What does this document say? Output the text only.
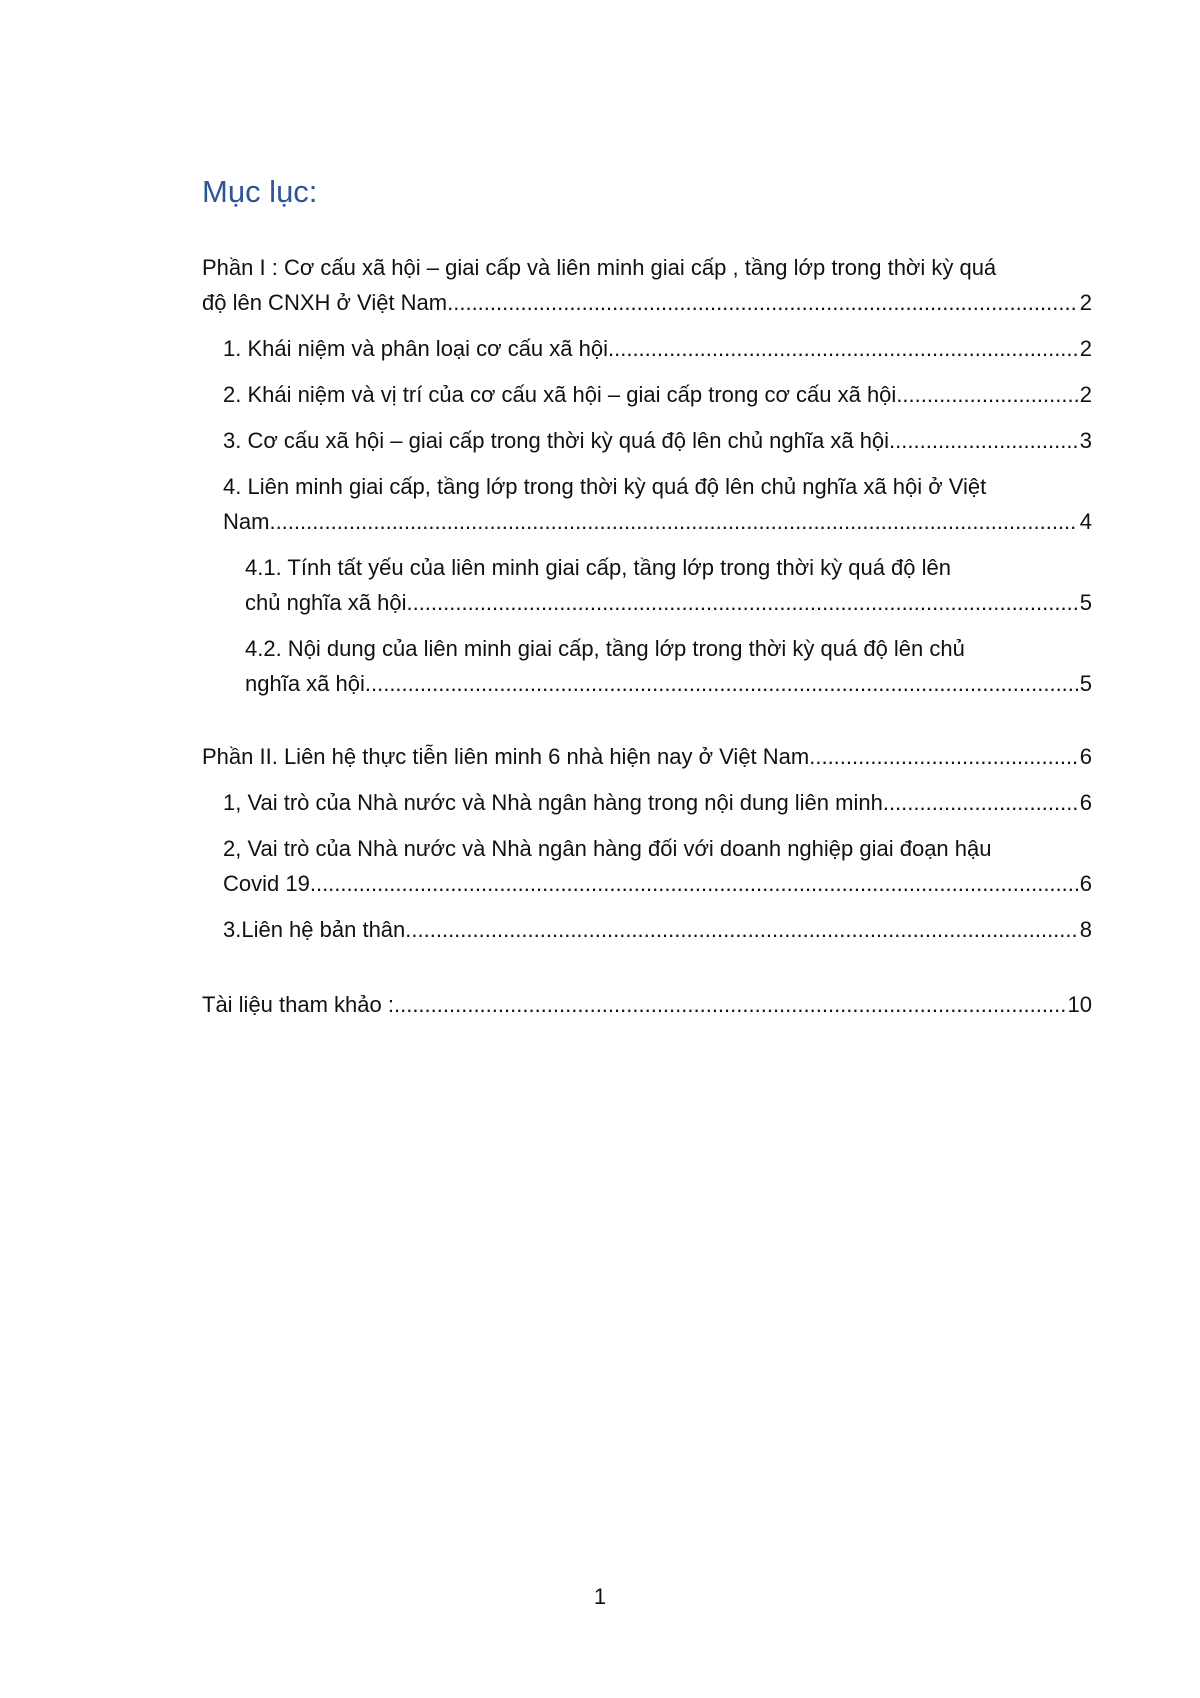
Mục lục:
Phần I : Cơ cấu xã hội – giai cấp và liên minh giai cấp , tầng lớp trong thời kỳ quá
độ lên CNXH ở Việt Nam .....	2
1. Khái niệm và phân loại cơ cấu xã hội .....	2
2. Khái niệm và vị trí của cơ cấu xã hội – giai cấp trong cơ cấu xã hội .....	2
3. Cơ cấu xã hội – giai cấp trong thời kỳ quá độ lên chủ nghĩa xã hội. .....	3
4. Liên minh giai cấp, tầng lớp trong thời kỳ quá độ lên chủ nghĩa xã hội ở Việt
Nam .....	4
4.1. Tính tất yếu của liên minh giai cấp, tầng lớp trong thời kỳ quá độ lên
chủ nghĩa xã hội .....	5
4.2. Nội dung của liên minh giai cấp, tầng lớp trong thời kỳ quá độ lên chủ
nghĩa xã hội .....	5
Phần II. Liên hệ thực tiễn liên minh 6 nhà hiện nay ở Việt Nam. .....	6
1, Vai trò của Nhà nước và Nhà ngân hàng trong nội dung liên minh .....	6
2, Vai trò của Nhà nước và Nhà ngân hàng đối với doanh nghiệp giai đoạn hậu
Covid 19 .....	6
3.Liên hệ bản thân .....	8
Tài liệu tham khảo : .....	10
1
